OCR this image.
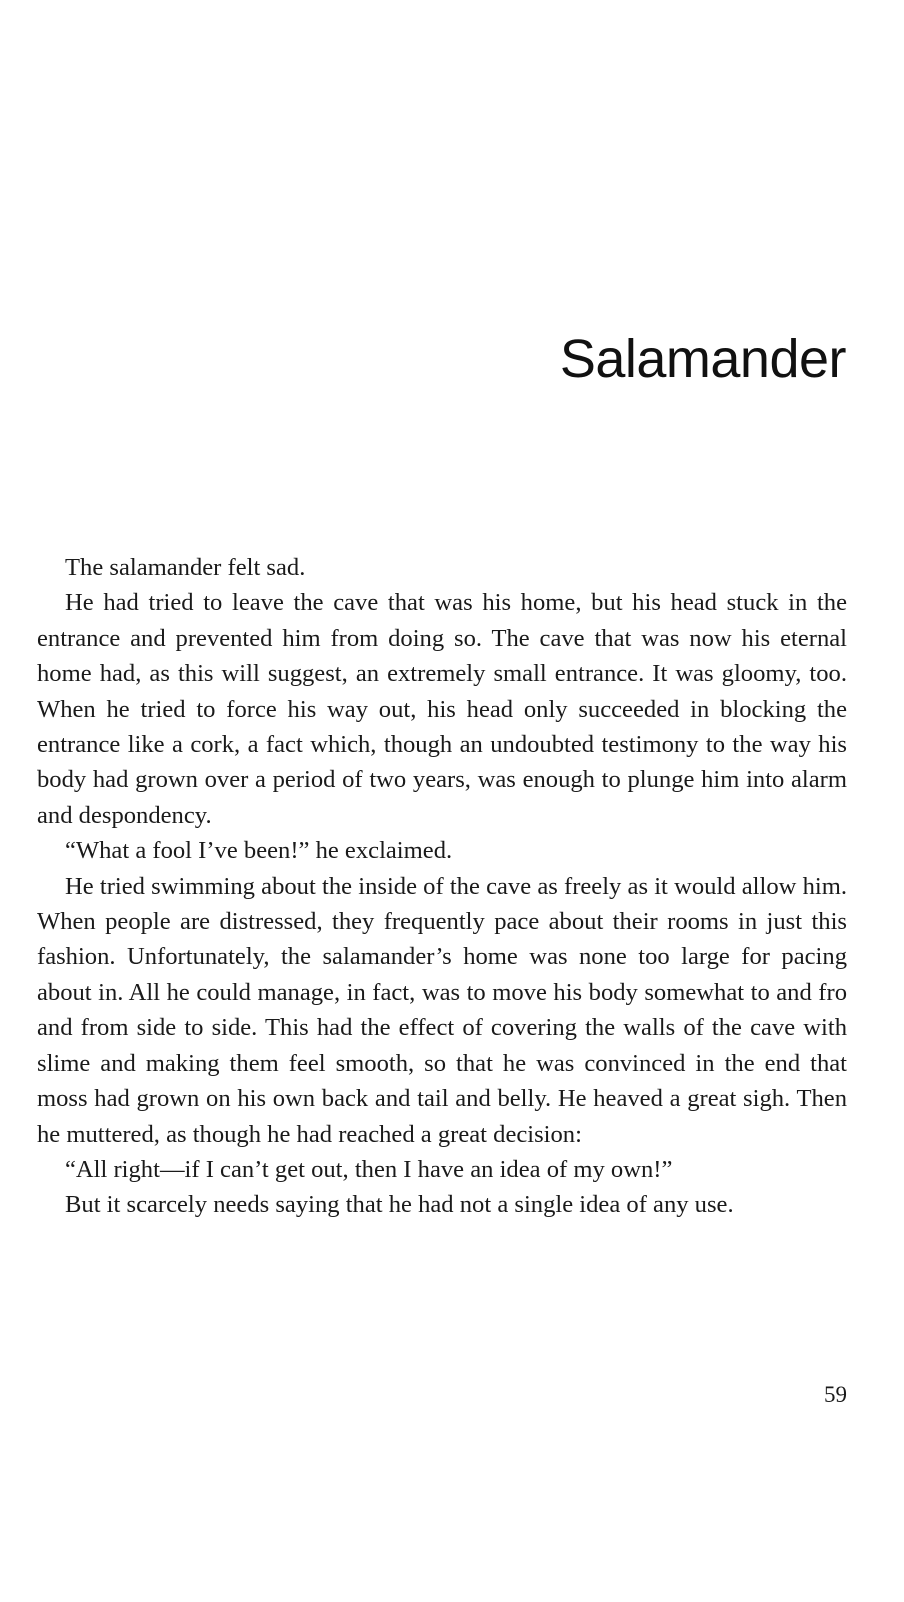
Salamander

The salamander felt sad.

He had tried to leave the cave that was his home, but his head stuck in the entrance and prevented him from doing so. The cave that was now his eternal home had, as this will suggest, an extremely small entrance. It was gloomy, too. When he tried to force his way out, his head only succeeded in blocking the entrance like a cork, a fact which, though an undoubted testimony to the way his body had grown over a period of two years, was enough to plunge him into alarm and despondency.

“What a fool I’ve been!” he exclaimed.

He tried swimming about the inside of the cave as freely as it would allow him. When people are distressed, they frequently pace about their rooms in just this fashion. Unfortunately, the salamander’s home was none too large for pacing about in. All he could manage, in fact, was to move his body somewhat to and fro and from side to side. This had the effect of covering the walls of the cave with slime and making them feel smooth, so that he was convinced in the end that moss had grown on his own back and tail and belly. He heaved a great sigh. Then he muttered, as though he had reached a great decision:

“All right—if I can’t get out, then I have an idea of my own!”

But it scarcely needs saying that he had not a single idea of any use.

59
